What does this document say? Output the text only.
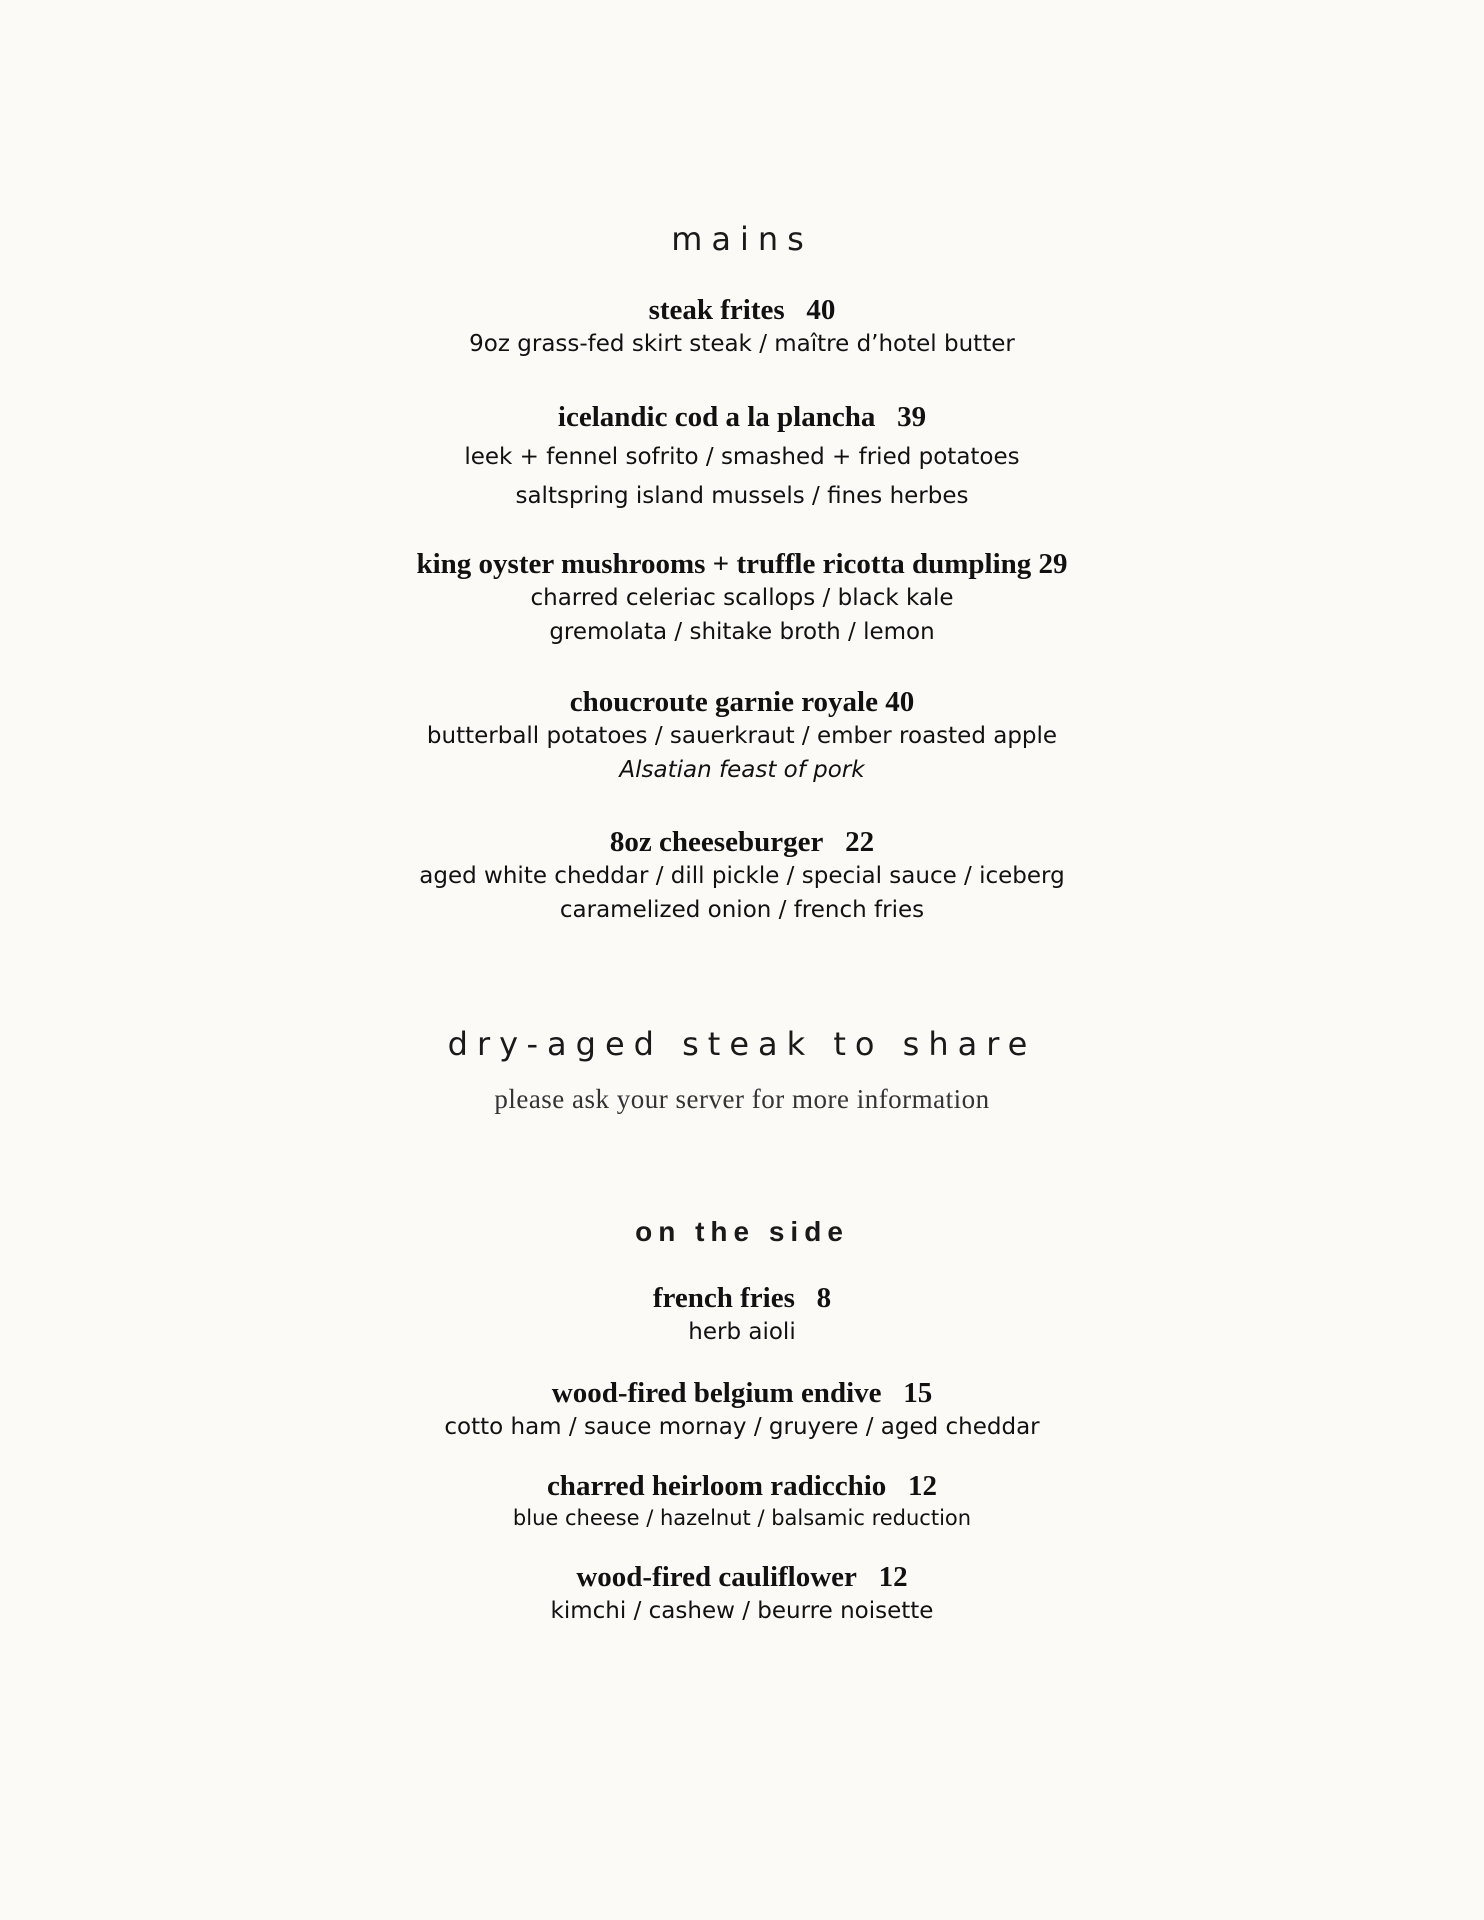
mains
steak frites 40
9oz grass-fed skirt steak / maître d’hotel butter
icelandic cod a la plancha 39
leek + fennel sofrito / smashed + fried potatoes
saltspring island mussels / fines herbes
king oyster mushrooms + truffle ricotta dumpling 29
charred celeriac scallops / black kale
gremolata / shitake broth / lemon
choucroute garnie royale 40
butterball potatoes / sauerkraut / ember roasted apple
Alsatian feast of pork
8oz cheeseburger 22
aged white cheddar / dill pickle / special sauce / iceberg
caramelized onion / french fries
dry-aged steak to share
please ask your server for more information
on the side
french fries 8
herb aioli
wood-fired belgium endive 15
cotto ham / sauce mornay / gruyere / aged cheddar
charred heirloom radicchio 12
blue cheese / hazelnut / balsamic reduction
wood-fired cauliflower 12
kimchi / cashew / beurre noisette
